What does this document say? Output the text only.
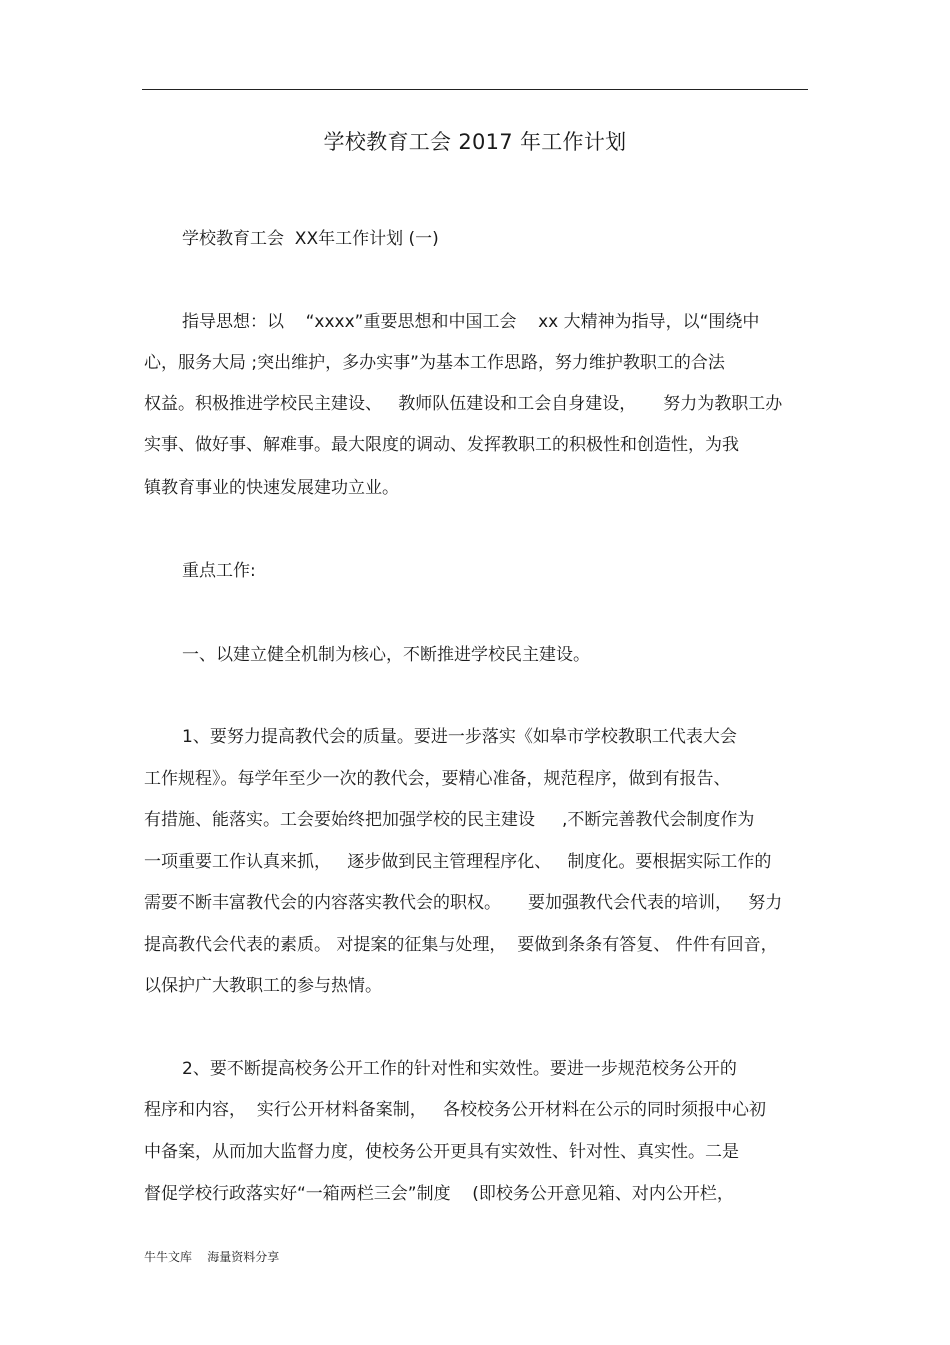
学校教育工会 2017 年工作计划
学校教育工会  XX年工作计划 (一)
指导思想：以    “xxxx”重要思想和中国工会    xx 大精神为指导，以“围绕中
心，服务大局 ;突出维护，多办实事”为基本工作思路，努力维护教职工的合法
权益。积极推进学校民主建设、   教师队伍建设和工会自身建设，     努力为教职工办
实事、做好事、解难事。最大限度的调动、发挥教职工的积极性和创造性，为我
镇教育事业的快速发展建功立业。
重点工作:
一、以建立健全机制为核心，不断推进学校民主建设。
1、要努力提高教代会的质量。要进一步落实《如皋市学校教职工代表大会
工作规程》。每学年至少一次的教代会，要精心准备，规范程序，做到有报告、
有措施、能落实。工会要始终把加强学校的民主建设     ,不断完善教代会制度作为
一项重要工作认真来抓，   逐步做到民主管理程序化、   制度化。要根据实际工作的
需要不断丰富教代会的内容落实教代会的职权。     要加强教代会代表的培训，   努力
提高教代会代表的素质。 对提案的征集与处理，  要做到条条有答复、 件件有回音，
以保护广大教职工的参与热情。
2、要不断提高校务公开工作的针对性和实效性。要进一步规范校务公开的
程序和内容，  实行公开材料备案制，   各校校务公开材料在公示的同时须报中心初
中备案，从而加大监督力度，使校务公开更具有实效性、针对性、真实性。二是
督促学校行政落实好“一箱两栏三会”制度    (即校务公开意见箱、对内公开栏，
牛牛文库    海量资料分享
